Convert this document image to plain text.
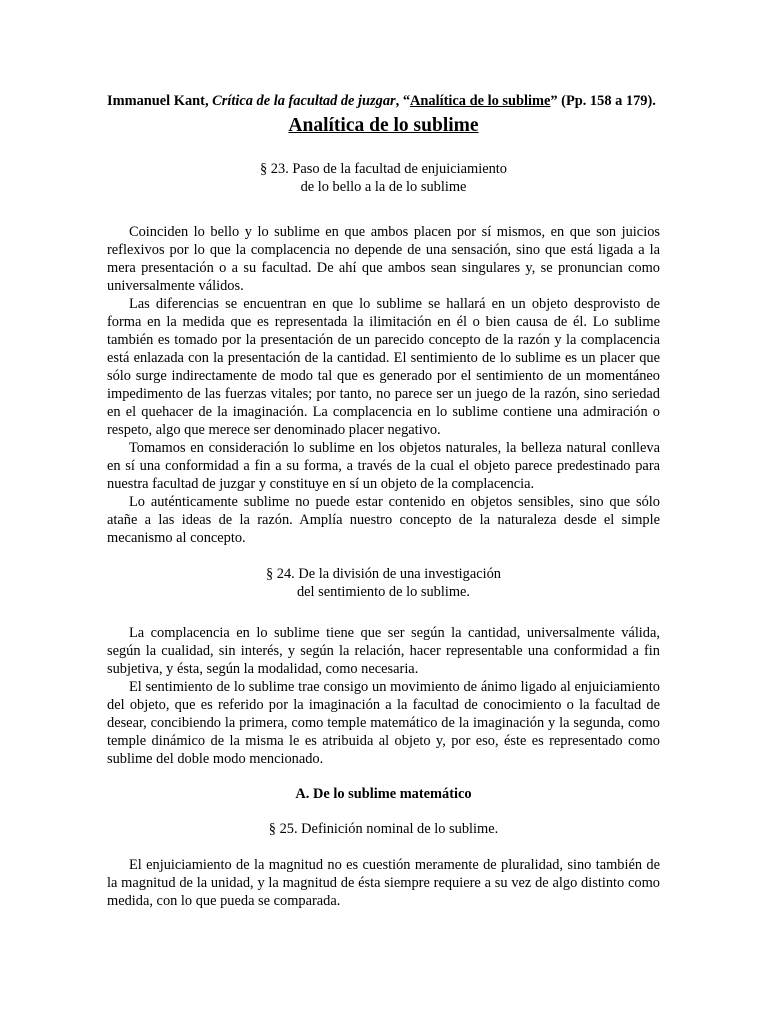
Immanuel Kant, Crítica de la facultad de juzgar, “Analítica de lo sublime” (Pp. 158 a 179).

Analítica de lo sublime
§ 23. Paso de la facultad de enjuiciamiento
de lo bello a la de lo sublime

Coinciden lo bello y lo sublime en que ambos placen por sí mismos, en que son juicios reflexivos por lo que la complacencia no depende de una sensación, sino que está ligada a la mera presentación o a su facultad. De ahí que ambos sean singulares y, se pronuncian como universalmente válidos.

Las diferencias se encuentran en que lo sublime se hallará en un objeto desprovisto de forma en la medida que es representada la ilimitación en él o bien causa de él. Lo sublime también es tomado por la presentación de un parecido concepto de la razón y la complacencia está enlazada con la presentación de la cantidad. El sentimiento de lo sublime es un placer que sólo surge indirectamente de modo tal que es generado por el sentimiento de un momentáneo impedimento de las fuerzas vitales; por tanto, no parece ser un juego de la razón, sino seriedad en el quehacer de la imaginación. La complacencia en lo sublime contiene una admiración o respeto, algo que merece ser denominado placer negativo.

Tomamos en consideración lo sublime en los objetos naturales, la belleza natural conlleva en sí una conformidad a fin a su forma, a través de la cual el objeto parece predestinado para nuestra facultad de juzgar y constituye en sí un objeto de la complacencia.

Lo auténticamente sublime no puede estar contenido en objetos sensibles, sino que sólo atañe a las ideas de la razón. Amplía nuestro concepto de la naturaleza desde el simple mecanismo al concepto.

§ 24. De la división de una investigación
del sentimiento de lo sublime.

La complacencia en lo sublime tiene que ser según la cantidad, universalmente válida, según la cualidad, sin interés, y según la relación, hacer representable una conformidad a fin subjetiva, y ésta, según la modalidad, como necesaria.

El sentimiento de lo sublime trae consigo un movimiento de ánimo ligado al enjuiciamiento del objeto, que es referido por la imaginación a la facultad de conocimiento o la facultad de desear, concibiendo la primera, como temple matemático de la imaginación y la segunda, como temple dinámico de la misma le es atribuida al objeto y, por eso, éste es representado como sublime del doble modo mencionado.

A. De lo sublime matemático
§ 25. Definición nominal de lo sublime.

El enjuiciamiento de la magnitud no es cuestión meramente de pluralidad, sino también de la magnitud de la unidad, y la magnitud de ésta siempre requiere a su vez de algo distinto como medida, con lo que pueda se comparada.
